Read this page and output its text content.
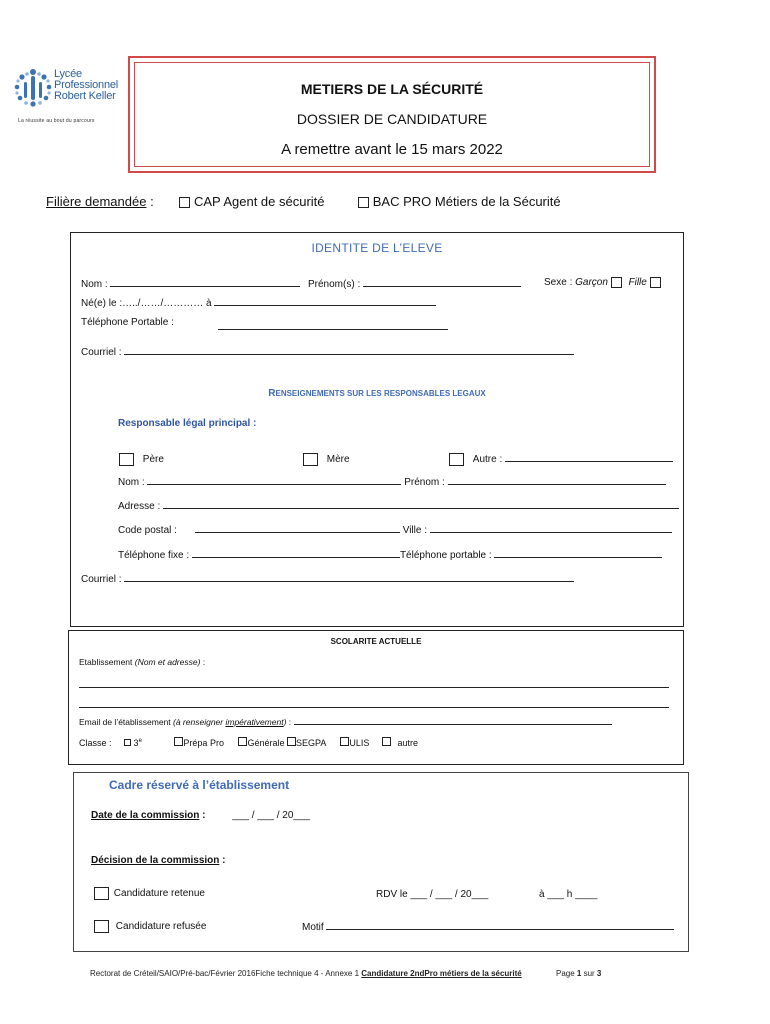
Lycée
Professionnel
Robert Keller
La réussite au bout du parcours
METIERS DE LA SÉCURITÉ
DOSSIER DE CANDIDATURE
A remettre avant le 15 mars 2022
Filière demandée :	CAP Agent de sécurité	BAC PRO Métiers de la Sécurité
IDENTITE DE L’ELEVE
Nom :	Prénom(s) :	Sexe : Garçon Fille
Né(e) le :…../……/………… à
Téléphone Portable :
Courriel :
RENSEIGNEMENTS SUR LES RESPONSABLES LEGAUX
Responsable légal principal :
Père	Mère	Autre :
Nom :	Prénom :
Adresse :
Code postal :	Ville :
Téléphone fixe :	Téléphone portable :
Courriel :
SCOLARITE ACTUELLE
Etablissement (Nom et adresse) :
Email de l’établissement (à renseigner impérativement) :
Classe : 3e	Prépa Pro	Générale SEGPA	ULIS	autre
Cadre réservé à l’établissement
Date de la commission :	___ / ___ / 20___
Décision de la commission :
Candidature retenue	RDV le ___ / ___ / 20___	à ___ h ____
Candidature refusée	Motif
Rectorat de Créteil/SAIO/Pré-bac/Février 2016Fiche technique 4 - Annexe 1 Candidature 2ndPro métiers de la sécurité	Page 1 sur 3
